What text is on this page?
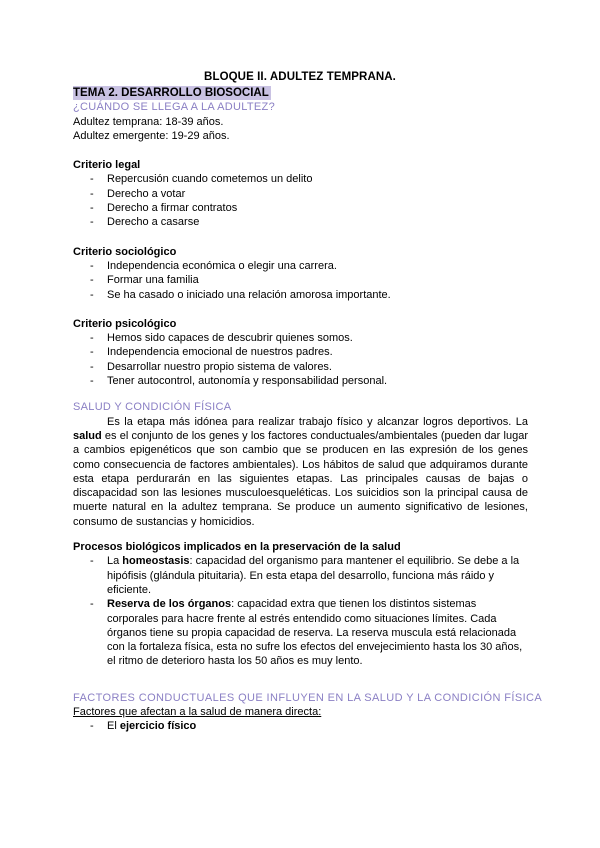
BLOQUE II. ADULTEZ TEMPRANA.
TEMA 2. DESARROLLO BIOSOCIAL
¿CUÁNDO SE LLEGA A LA ADULTEZ?
Adultez temprana: 18-39 años.
Adultez emergente: 19-29 años.
Criterio legal
- Repercusión cuando cometemos un delito
- Derecho a votar
- Derecho a firmar contratos
- Derecho a casarse
Criterio sociológico
- Independencia económica o elegir una carrera.
- Formar una familia
- Se ha casado o iniciado una relación amorosa importante.
Criterio psicológico
- Hemos sido capaces de descubrir quienes somos.
- Independencia emocional de nuestros padres.
- Desarrollar nuestro propio sistema de valores.
- Tener autocontrol, autonomía y responsabilidad personal.
SALUD Y CONDICIÓN FÍSICA
Es la etapa más idónea para realizar trabajo físico y alcanzar logros deportivos. La salud es el conjunto de los genes y los factores conductuales/ambientales (pueden dar lugar a cambios epigenéticos que son cambio que se producen en las expresión de los genes como consecuencia de factores ambientales). Los hábitos de salud que adquiramos durante esta etapa perdurarán en las siguientes etapas. Las principales causas de bajas o discapacidad son las lesiones musculoesqueléticas. Los suicidios son la principal causa de muerte natural en la adultez temprana. Se produce un aumento significativo de lesiones, consumo de sustancias y homicidios.
Procesos biológicos implicados en la preservación de la salud
- La homeostasis: capacidad del organismo para mantener el equilibrio. Se debe a la hipófisis (glándula pituitaria). En esta etapa del desarrollo, funciona más ráido y eficiente.
- Reserva de los órganos: capacidad extra que tienen los distintos sistemas corporales para hacre frente al estrés entendido como situaciones límites. Cada órganos tiene su propia capacidad de reserva. La reserva muscula está relacionada con la fortaleza física, esta no sufre los efectos del envejecimiento hasta los 30 años, el ritmo de deterioro hasta los 50 años es muy lento.
FACTORES CONDUCTUALES QUE INFLUYEN EN LA SALUD Y LA CONDICIÓN FÍSICA
Factores que afectan a la salud de manera directa:
- El ejercicio físico
